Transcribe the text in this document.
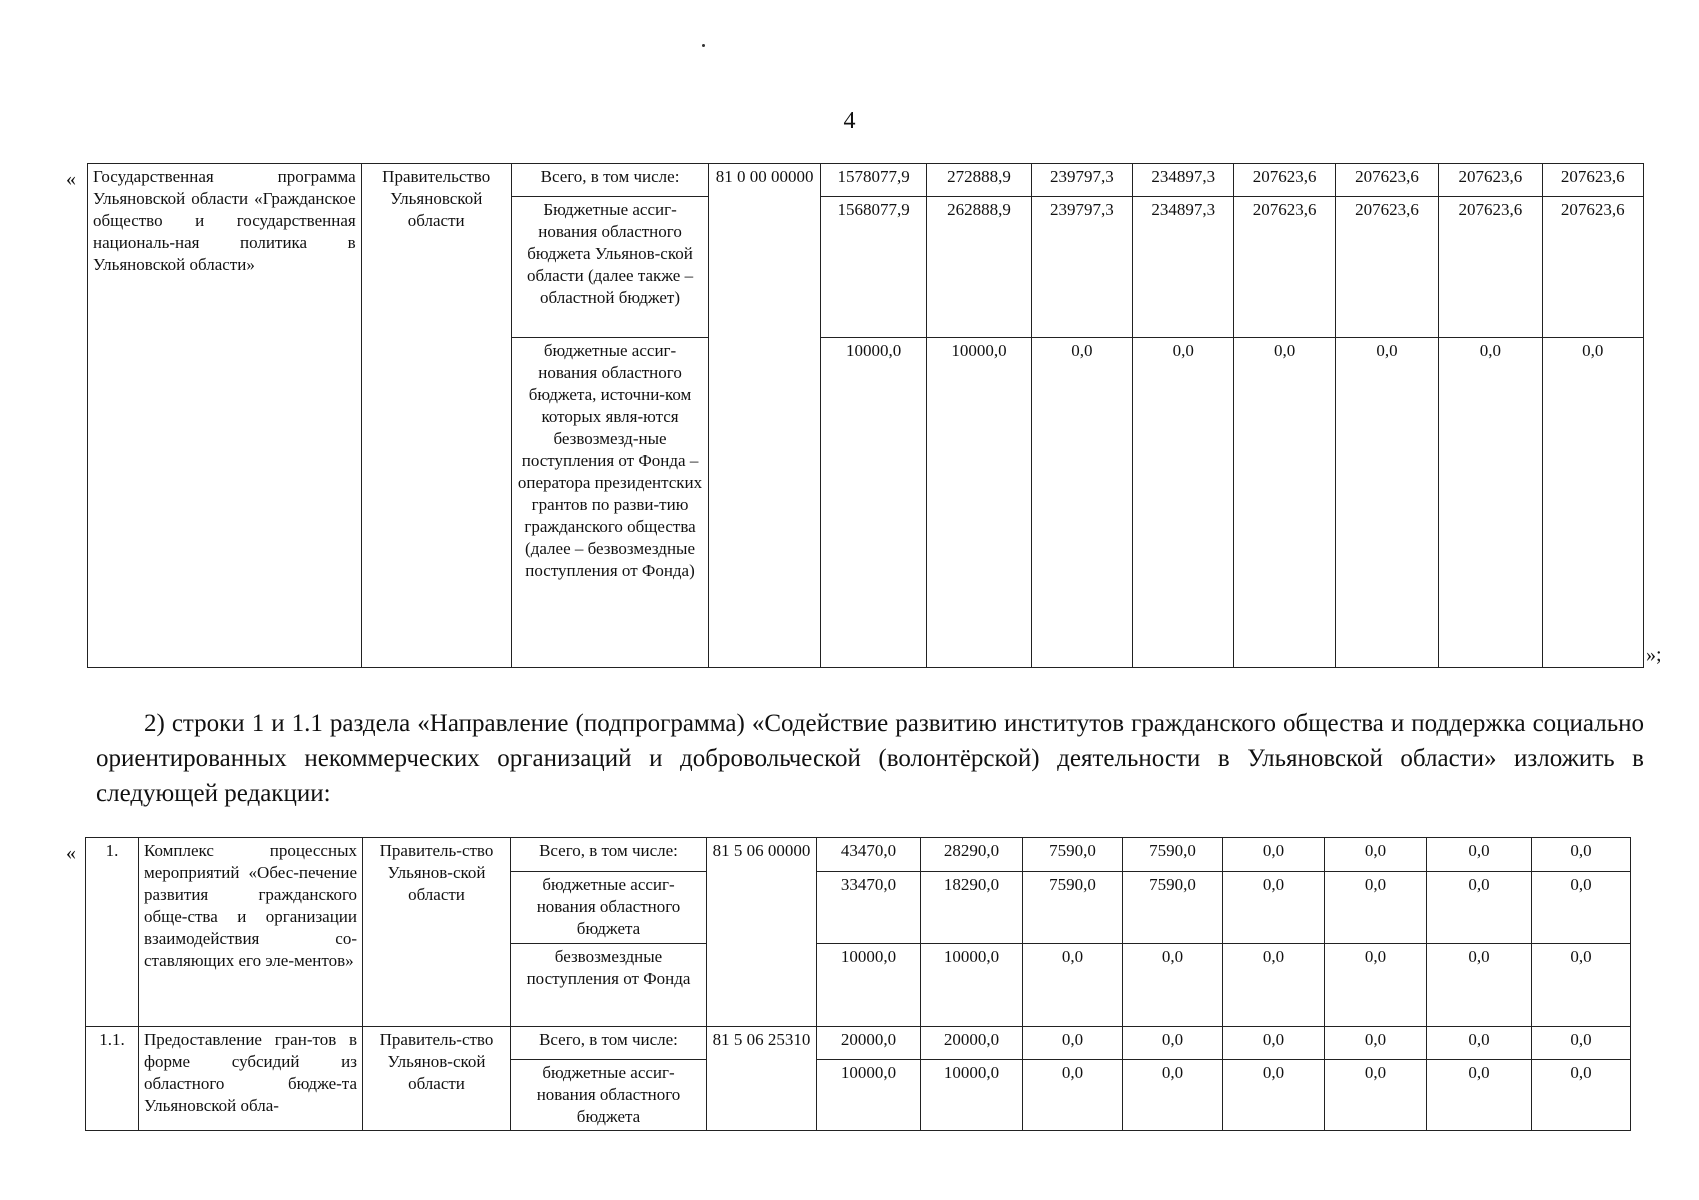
4
« Государственная программа Ульяновской области «Гражданское общество и государственная националь-ная политика в Ульяновской области»	Правительство Ульяновской области	Всего, в том числе:	81 0 00 00000	1578077,9	272888,9	239797,3	234897,3	207623,6	207623,6	207623,6	207623,6
		Бюджетные ассиг-нования областного бюджета Ульянов-ской области (далее также – областной бюджет)		1568077,9	262888,9	239797,3	234897,3	207623,6	207623,6	207623,6	207623,6
		бюджетные ассиг-нования областного бюджета, источни-ком которых явля-ются безвозмезд-ные поступления от Фонда – оператора президентских грантов по разви-тию гражданского общества (далее – безвозмездные поступления от Фонда)		10000,0	10000,0	0,0	0,0	0,0	0,0	0,0	0,0
»;
2) строки 1 и 1.1 раздела «Направление (подпрограмма) «Содействие развитию институтов гражданского общества и поддержка социально ориентированных некоммерческих организаций и добровольческой (волонтёрской) деятельности в Ульяновской области» изложить в следующей редакции:
« 1.	Комплекс процессных мероприятий «Обес-печение развития гражданского обще-ства и организации взаимодействия со-ставляющих его эле-ментов»	Правитель-ство Ульянов-ской области	Всего, в том числе:	81 5 06 00000	43470,0	28290,0	7590,0	7590,0	0,0	0,0	0,0	0,0
			бюджетные ассиг-нования областного бюджета		33470,0	18290,0	7590,0	7590,0	0,0	0,0	0,0	0,0
			безвозмездные поступления от Фонда		10000,0	10000,0	0,0	0,0	0,0	0,0	0,0	0,0
1.1.	Предоставление гран-тов в форме субсидий из областного бюдже-та Ульяновской обла-	Правитель-ство Ульянов-ской области	Всего, в том числе:	81 5 06 25310	20000,0	20000,0	0,0	0,0	0,0	0,0	0,0	0,0
			бюджетные ассиг-нования областного бюджета		10000,0	10000,0	0,0	0,0	0,0	0,0	0,0	0,0
